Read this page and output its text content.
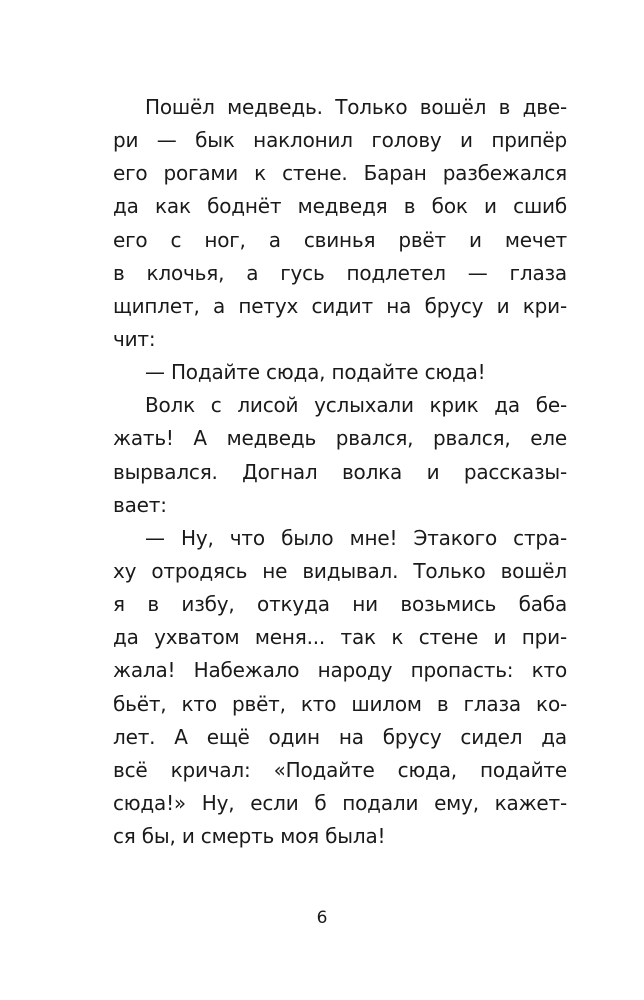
Пошёл медведь. Только вошёл в две-
ри — бык наклонил голову и припёр
его рогами к стене. Баран разбежался
да как боднёт медведя в бок и сшиб
его с ног, а свинья рвёт и мечет
в клочья, а гусь подлетел — глаза
щиплет, а петух сидит на брусу и кри-
чит:
— Подайте сюда, подайте сюда!
Волк с лисой услыхали крик да бе-
жать! А медведь рвался, рвался, еле
вырвался. Догнал волка и рассказы-
вает:
— Ну, что было мне! Этакого стра-
ху отродясь не видывал. Только вошёл
я в избу, откуда ни возьмись баба
да ухватом меня... так к стене и при-
жала! Набежало народу пропасть: кто
бьёт, кто рвёт, кто шилом в глаза ко-
лет. А ещё один на брусу сидел да
всё кричал: «Подайте сюда, подайте
сюда!» Ну, если б подали ему, кажет-
ся бы, и смерть моя была!
6
